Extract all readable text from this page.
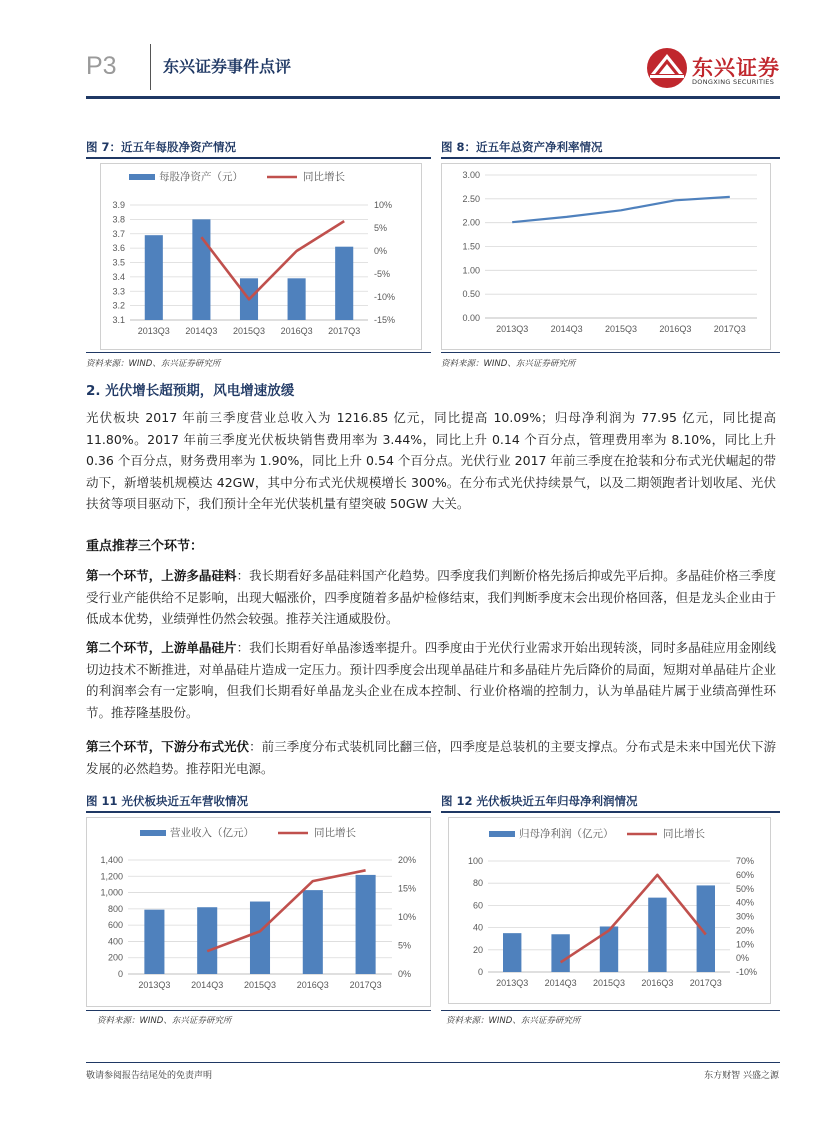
P3	东兴证券事件点评	东兴证券
DONGXING SECURITIES
图 7：近五年每股净资产情况
3.1
3.2
3.3
3.4
3.5
3.6
3.7
3.8
3.9
-15%
-10%
-5%
0%
5%
10%
2013Q3 2014Q3 2015Q3 2016Q3 2017Q3
每股净资产（元）	同比增长
资料来源：WIND、东兴证券研究所
图 8：近五年总资产净利率情况
0.00
0.50
1.00
1.50
2.00
2.50
3.00
2013Q3 2014Q3 2015Q3 2016Q3 2017Q3
资料来源：WIND、东兴证券研究所
2. 光伏增长超预期，风电增速放缓
光伏板块 2017 年前三季度营业总收入为 1216.85 亿元，同比提高 10.09%；归母净利润为 77.95 亿元，同比提高 11.80%。2017 年前三季度光伏板块销售费用率为 3.44%，同比上升 0.14 个百分点，管理费用率为 8.10%，同比上升 0.36 个百分点，财务费用率为 1.90%，同比上升 0.54 个百分点。光伏行业 2017 年前三季度在抢装和分布式光伏崛起的带动下，新增装机规模达 42GW，其中分布式光伏规模增长 300%。在分布式光伏持续景气，以及二期领跑者计划收尾、光伏扶贫等项目驱动下，我们预计全年光伏装机量有望突破 50GW 大关。
重点推荐三个环节：
第一个环节，上游多晶硅料：我长期看好多晶硅料国产化趋势。四季度我们判断价格先扬后抑或先平后抑。多晶硅价格三季度受行业产能供给不足影响，出现大幅涨价，四季度随着多晶炉检修结束，我们判断季度末会出现价格回落，但是龙头企业由于低成本优势，业绩弹性仍然会较强。推荐关注通威股份。
第二个环节，上游单晶硅片：我们长期看好单晶渗透率提升。四季度由于光伏行业需求开始出现转淡，同时多晶硅应用金刚线切边技术不断推进，对单晶硅片造成一定压力。预计四季度会出现单晶硅片和多晶硅片先后降价的局面，短期对单晶硅片企业的利润率会有一定影响，但我们长期看好单晶龙头企业在成本控制、行业价格端的控制力，认为单晶硅片属于业绩高弹性环节。推荐隆基股份。
第三个环节，下游分布式光伏：前三季度分布式装机同比翻三倍，四季度是总装机的主要支撑点。分布式是未来中国光伏下游发展的必然趋势。推荐阳光电源。
图 11 光伏板块近五年营收情况
0
200
400
600
800
1,000
1,200
1,400
0%
5%
10%
15%
20%
2013Q3 2014Q3 2015Q3 2016Q3 2017Q3
营业收入（亿元）	同比增长
资料来源：WIND、东兴证券研究所
图 12 光伏板块近五年归母净利润情况
0
20
40
60
80
100
-10%
0%
10%
20%
30%
40%
50%
60%
70%
2013Q3 2014Q3 2015Q3 2016Q3 2017Q3
归母净利润（亿元）	同比增长
资料来源：WIND、东兴证券研究所
敬请参阅报告结尾处的免责声明	东方财智 兴盛之源
